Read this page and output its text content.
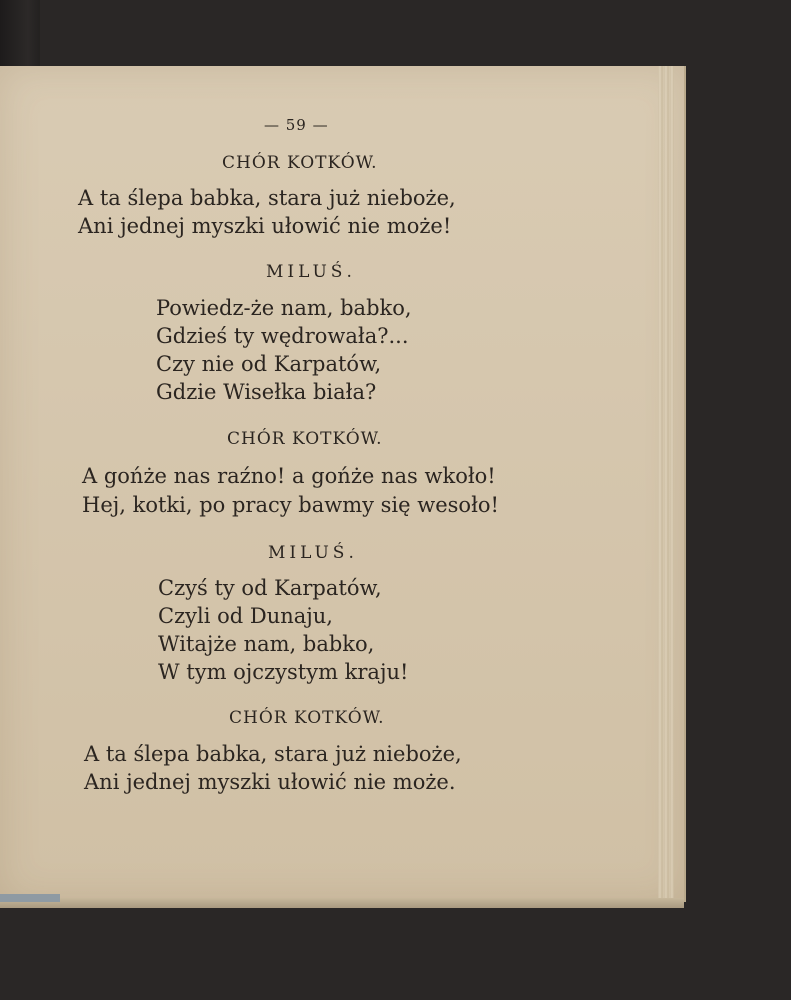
— 59 —
CHÓR KOTKÓW.
A ta ślepa babka, stara już nieboże,
Ani jednej myszki ułowić nie może!
MILUŚ.
Powiedz-że nam, babko,
Gdzieś ty wędrowała?...
Czy nie od Karpatów,
Gdzie Wisełka biała?
CHÓR KOTKÓW.
A gońże nas raźno! a gońże nas wkoło!
Hej, kotki, po pracy bawmy się wesoło!
MILUŚ.
Czyś ty od Karpatów,
Czyli od Dunaju,
Witajże nam, babko,
W tym ojczystym kraju!
CHÓR KOTKÓW.
A ta ślepa babka, stara już nieboże,
Ani jednej myszki ułowić nie może.
